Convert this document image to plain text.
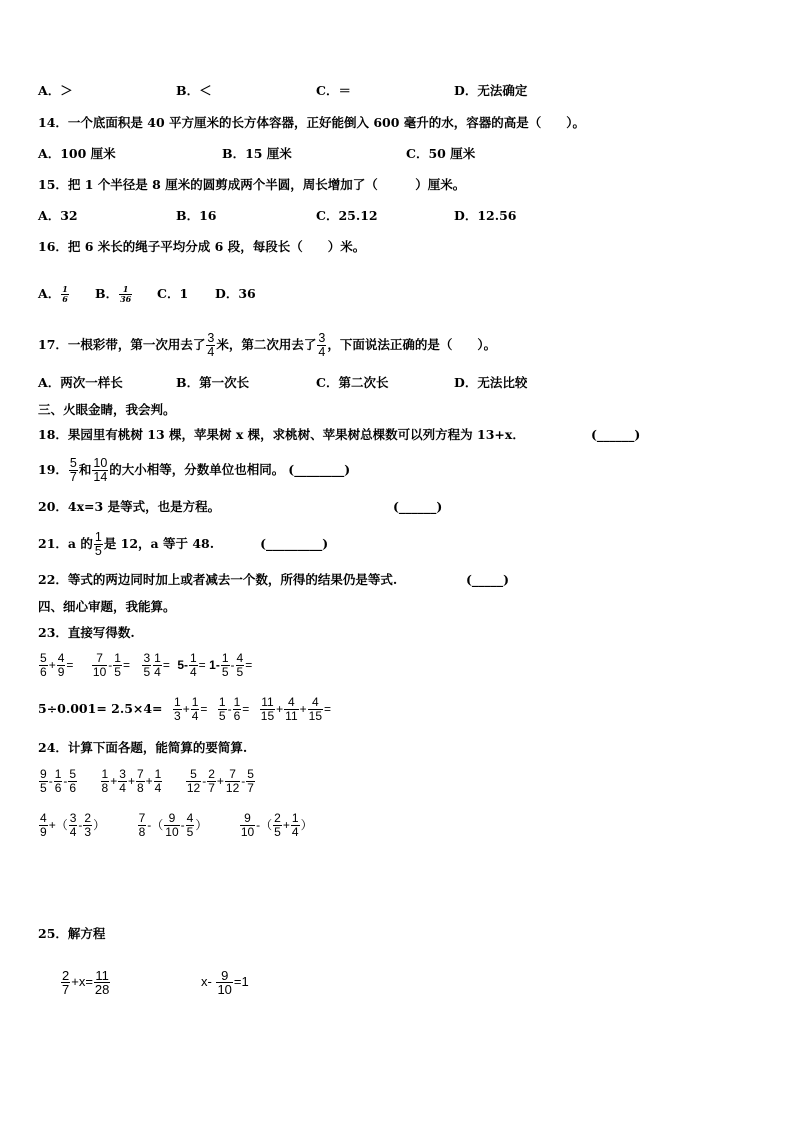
A．＞	B．＜	C．＝	D．无法确定
14．一个底面积是 40 平方厘米的长方体容器，正好能倒入 600 毫升的水，容器的高是（　　）。
A．100 厘米	B．15 厘米	C．50 厘米
15．把 1 个半径是 8 厘米的圆剪成两个半圆，周长增加了（　　　）厘米。
A．32	B．16	C．25.12	D．12.56
16．把 6 米长的绳子平均分成 6 段，每段长（　　）米。
A． $\frac{1}{6}$ B． $\frac{1}{36}$ C．1 D．36
17．一根彩带，第一次用去了 $\frac{3}{4}$ 米，第二次用去了 $\frac{3}{4}$ ，下面说法正确的是（　　）。
A．两次一样长	B．第一次长	C．第二次长	D．无法比较
三、火眼金睛，我会判。
18．果园里有桃树 13 棵，苹果树 x 棵，求桃树、苹果树总棵数可以列方程为 13+x．	(______)
19． $\frac{5}{7}$ 和 $\frac{10}{14}$ 的大小相等，分数单位也相同。 (________)
20．4x=3 是等式，也是方程。	(______)
21．a 的 $\frac{1}{5}$ 是 12，a 等于 48.	(_________)
22．等式的两边同时加上或者减去一个数，所得的结果仍是等式.	(_____)
四、细心审题，我能算。
23．直接写得数.
$\frac{5}{6} + \frac{4}{9} = \frac{7}{10} - \frac{1}{5} = \frac{3}{5} \frac{1}{4} = 5- \frac{1}{4} = 1- \frac{1}{5} - \frac{4}{5}$ =
$5\div 0.001= 2.5\times 4= \frac{1}{3} + \frac{1}{4} = \frac{1}{5} - \frac{1}{6} = \frac{11}{15} + \frac{4}{11} + \frac{4}{15}$ =
24．计算下面各题，能简算的要简算.
$\frac{9}{5} - \frac{1}{6} - \frac{5}{6}$
$\frac{1}{8} + \frac{3}{4} + \frac{7}{8} + \frac{1}{4}$
$\frac{5}{12} - \frac{2}{7} + \frac{7}{12} - \frac{5}{7}$
$\frac{4}{9}$ +（ $\frac{3}{4} - \frac{2}{3}$ ）	$\frac{7}{8}$ -（ $\frac{9}{10} - \frac{4}{5}$ ）	$\frac{9}{10}$ -（ $\frac{2}{5} + \frac{1}{4}$ ）
25．解方程
$\frac{2}{7} +x= \frac{11}{28}$	$x- \frac{9}{10} =1$
